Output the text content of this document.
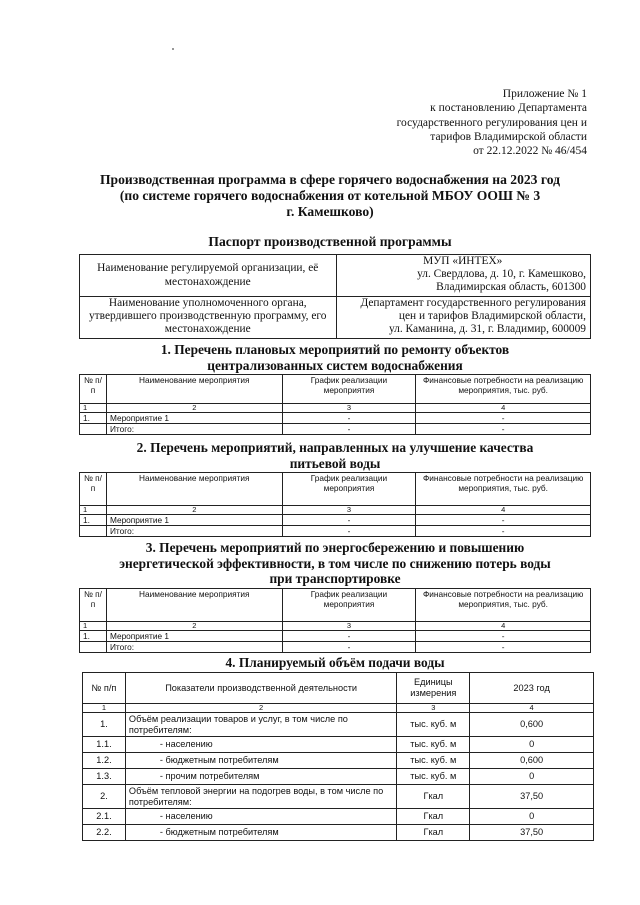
Приложение № 1
к постановлению Департамента
государственного регулирования цен и
тарифов Владимирской области
от 22.12.2022 № 46/454
Производственная программа в сфере горячего водоснабжения на 2023 год
(по системе горячего водоснабжения от котельной МБОУ ООШ № 3
г. Камешково)
Паспорт производственной программы
Наименование регулируемой организации, её местонахождение	МУП «ИНТЕХ»
ул. Свердлова, д. 10, г. Камешково,
Владимирская область, 601300

Наименование уполномоченного органа, утвердившего производственную программу, его местонахождение	Департамент государственного регулирования
цен и тарифов Владимирской области,
ул. Каманина, д. 31, г. Владимир, 600009
1. Перечень плановых мероприятий по ремонту объектов
централизованных систем водоснабжения
№ п/п	Наименование мероприятия	График реализации мероприятия	Финансовые потребности на реализацию мероприятия, тыс. руб.
1	2	3	4
1.	Мероприятие 1	-	-
	Итого:	-	-
2. Перечень мероприятий, направленных на улучшение качества
питьевой воды
№ п/п	Наименование мероприятия	График реализации мероприятия	Финансовые потребности на реализацию мероприятия, тыс. руб.
1	2	3	4
1.	Мероприятие 1	-	-
	Итого:	-	-
3. Перечень мероприятий по энергосбережению и повышению
энергетической эффективности, в том числе по снижению потерь воды
при транспортировке
№ п/п	Наименование мероприятия	График реализации мероприятия	Финансовые потребности на реализацию мероприятия, тыс. руб.
1	2	3	4
1.	Мероприятие 1	-	-
	Итого:	-	-
4. Планируемый объём подачи воды
№ п/п	Показатели производственной деятельности	Единицы измерения	2023 год
1	2	3	4
1.	Объём реализации товаров и услуг, в том числе по потребителям:	тыс. куб. м	0,600
1.1.	- населению	тыс. куб. м	0
1.2.	- бюджетным потребителям	тыс. куб. м	0,600
1.3.	- прочим потребителям	тыс. куб. м	0
2.	Объём тепловой энергии на подогрев воды, в том числе по потребителям:	Гкал	37,50
2.1.	- населению	Гкал	0
2.2.	- бюджетным потребителям	Гкал	37,50
